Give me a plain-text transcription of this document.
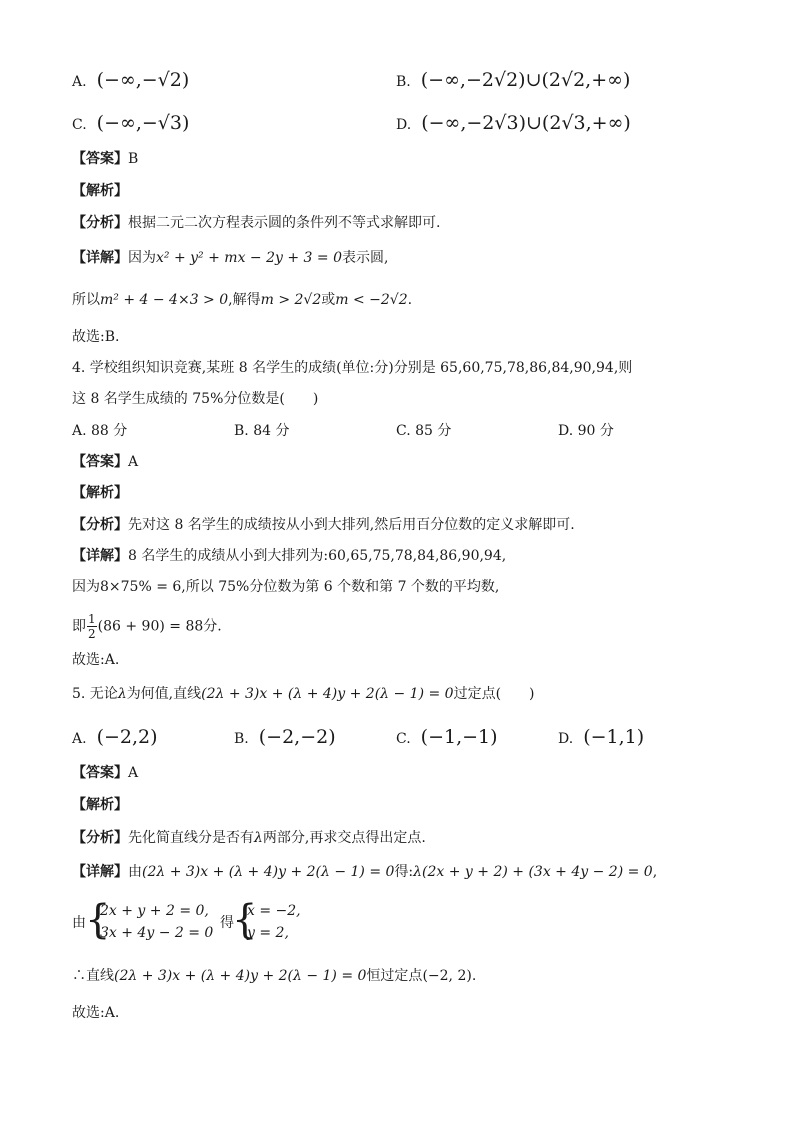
A. (−∞,−√2)	B. (−∞,−2√2)∪(2√2,+∞)
C. (−∞,−√3)	D. (−∞,−2√3)∪(2√3,+∞)
【答案】B
【解析】
【分析】根据二元二次方程表示圆的条件列不等式求解即可.
【详解】因为x² + y² + mx − 2y + 3 = 0表示圆,
所以m² + 4 − 4×3 > 0,解得m > 2√2或m < −2√2.
故选:B.
4. 学校组织知识竞赛,某班 8 名学生的成绩(单位:分)分别是 65,60,75,78,86,84,90,94,则
这 8 名学生成绩的 75%分位数是(　　)
A. 88 分	B. 84 分	C. 85 分	D. 90 分
【答案】A
【解析】
【分析】先对这 8 名学生的成绩按从小到大排列,然后用百分位数的定义求解即可.
【详解】8 名学生的成绩从小到大排列为:60,65,75,78,84,86,90,94,
因为8×75% = 6,所以 75%分位数为第 6 个数和第 7 个数的平均数,
即 $\frac{1}{2} (86 + 90) = 88$分.
故选:A.
5. 无论λ为何值,直线(2λ + 3)x + (λ + 4)y + 2(λ − 1) = 0过定点(　　)
A. (−2,2)	B. (−2,−2)	C. (−1,−1)	D. (−1,1)
【答案】A
【解析】
【分析】先化简直线分是否有λ两部分,再求交点得出定点.
【详解】由(2λ + 3)x + (λ + 4)y + 2(λ − 1) = 0得:λ(2x + y + 2) + (3x + 4y − 2) = 0,
由 {
2x + y + 2 = 0,
3x + 4y − 2 = 0
得
{
x = −2,
y = 2,
∴直线(2λ + 3)x + (λ + 4)y + 2(λ − 1) = 0恒过定点(−2, 2).
故选:A.
